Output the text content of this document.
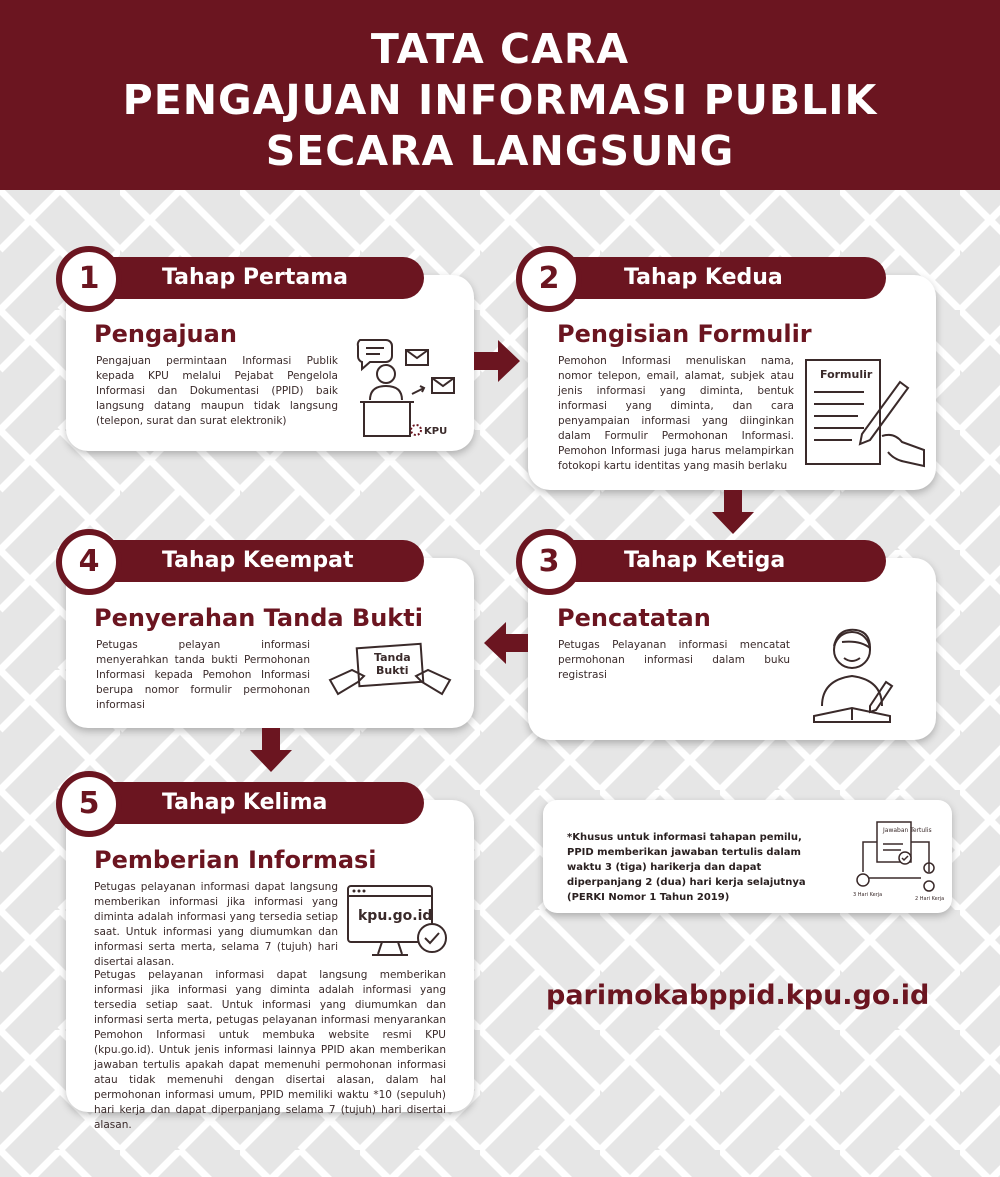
TATA CARA
PENGAJUAN INFORMASI PUBLIK
SECARA LANGSUNG
Tahap Pertama
1
Pengajuan
Pengajuan permintaan Informasi Publik kepada KPU melalui Pejabat Pengelola Informasi dan Dokumentasi (PPID) baik langsung datang maupun tidak langsung (telepon, surat dan surat elektronik)
KPU
Tahap Kedua
2
Pengisian Formulir
Pemohon Informasi menuliskan nama, nomor telepon, email, alamat, subjek atau jenis informasi yang diminta, bentuk informasi yang diminta, dan cara penyampaian informasi yang diinginkan dalam Formulir Permohonan Informasi. Pemohon Informasi juga harus melampirkan fotokopi kartu identitas yang masih berlaku
Formulir
Tahap Ketiga
3
Pencatatan
Petugas Pelayanan informasi mencatat permohonan informasi dalam buku registrasi
Tahap Keempat
4
Penyerahan Tanda Bukti
Petugas pelayan informasi menyerahkan tanda bukti Permohonan Informasi kepada Pemohon Informasi berupa nomor formulir permohonan informasi
Tanda
Bukti
Tahap Kelima
5
Pemberian Informasi
Petugas pelayanan informasi dapat langsung memberikan informasi jika informasi yang diminta adalah informasi yang tersedia setiap saat. Untuk informasi yang diumumkan dan informasi serta merta, selama 7 (tujuh) hari disertai alasan.
Petugas pelayanan informasi dapat langsung memberikan informasi jika informasi yang diminta adalah informasi yang tersedia setiap saat. Untuk informasi yang diumumkan dan informasi serta merta, petugas pelayanan informasi menyarankan Pemohon Informasi untuk membuka website resmi KPU (kpu.go.id). Untuk jenis informasi lainnya PPID akan memberikan jawaban tertulis apakah dapat memenuhi permohonan informasi atau tidak memenuhi dengan disertai alasan, dalam hal permohonan informasi umum, PPID memiliki waktu *10 (sepuluh) hari kerja dan dapat diperpanjang selama 7 (tujuh) hari disertai alasan.
kpu.go.id
*Khusus untuk informasi tahapan pemilu,
PPID memberikan jawaban tertulis dalam waktu 3 (tiga) harikerja dan dapat diperpanjang 2 (dua) hari kerja selajutnya (PERKI Nomor 1 Tahun 2019)
Jawaban Tertulis
3 Hari Kerja
2 Hari Kerja
parimokabppid.kpu.go.id
